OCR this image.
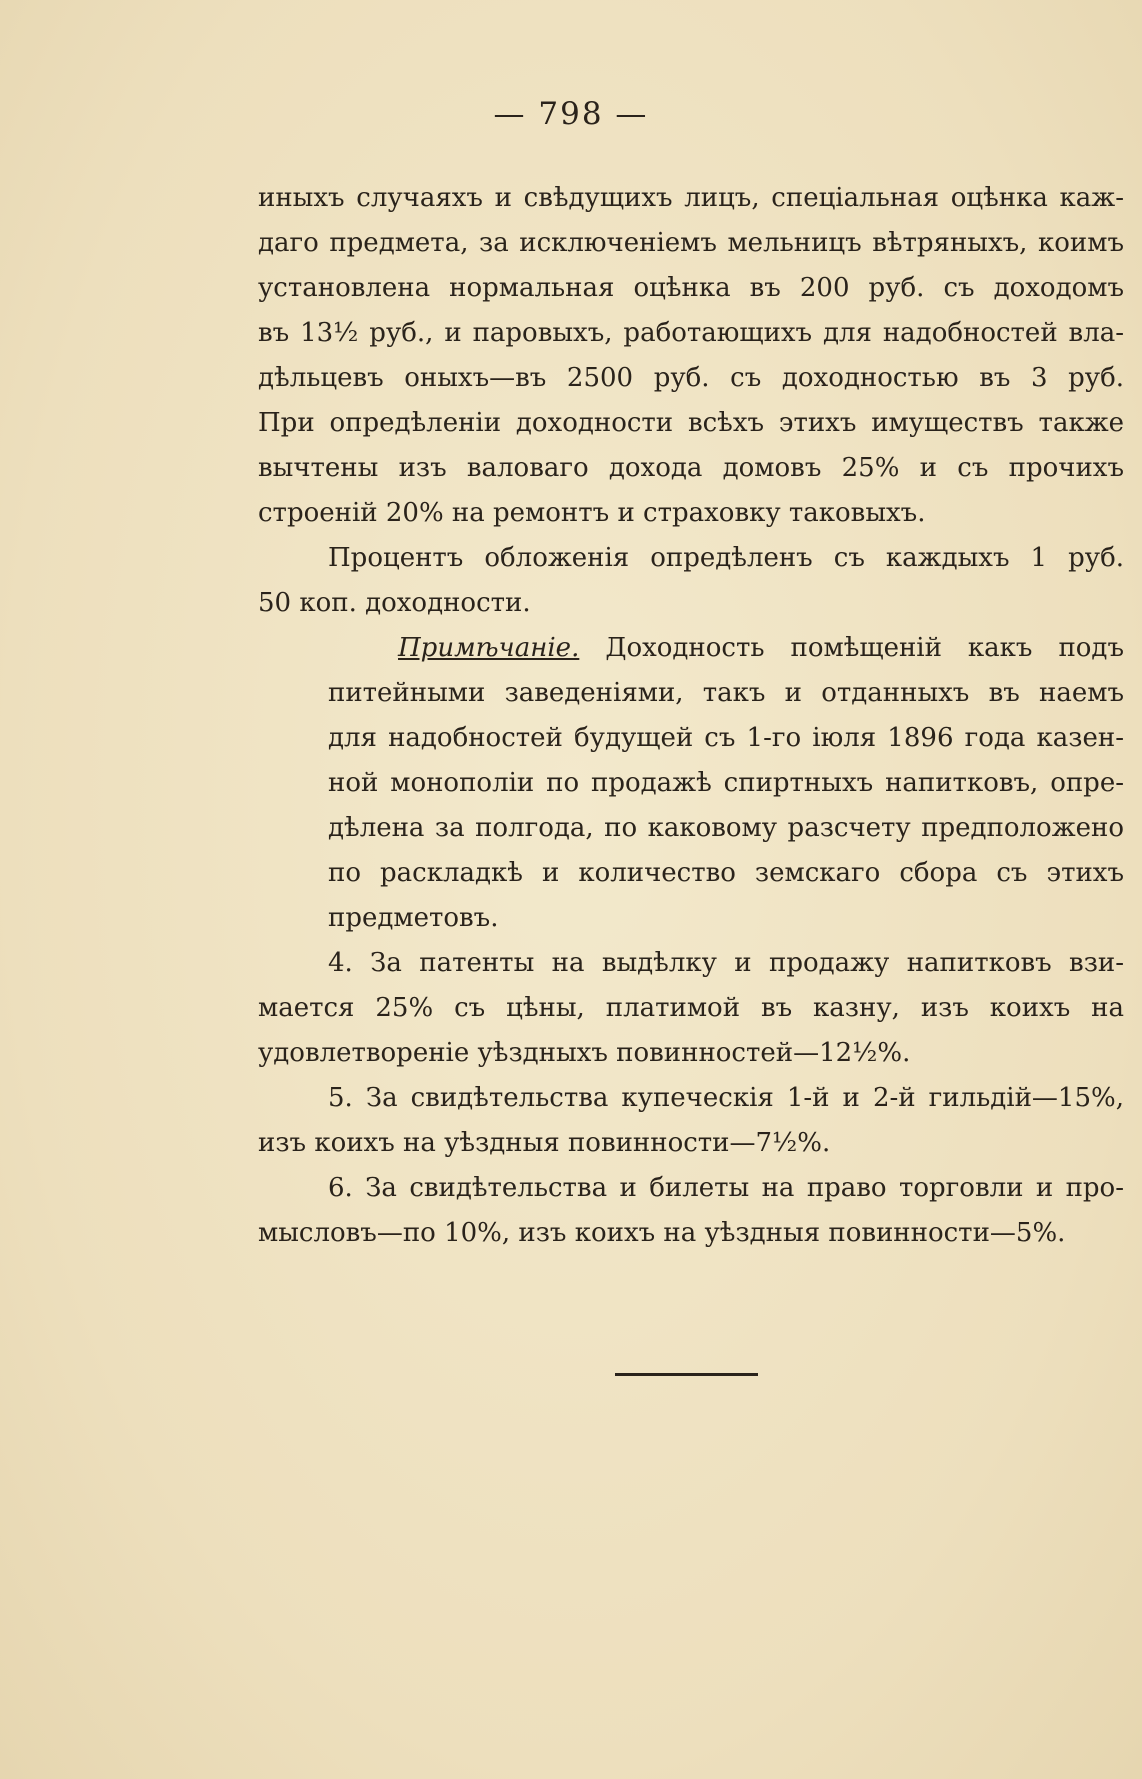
— 798 —
иныхъ случаяхъ и свѣдущихъ лицъ, спеціальная оцѣнка каж-
даго предмета, за исключеніемъ мельницъ вѣтряныхъ, коимъ
установлена нормальная оцѣнка въ 200 руб. съ доходомъ
въ 13½ руб., и паровыхъ, работающихъ для надобностей вла-
дѣльцевъ оныхъ—въ 2500 руб. съ доходностью въ 3 руб.
При опредѣленіи доходности всѣхъ этихъ имуществъ также
вычтены изъ валоваго дохода домовъ 25% и съ прочихъ
строеній 20% на ремонтъ и страховку таковыхъ.
Процентъ обложенія опредѣленъ съ каждыхъ 1 руб.
50 коп. доходности.
Примѣчаніе. Доходность помѣщеній какъ подъ
питейными заведеніями, такъ и отданныхъ въ наемъ
для надобностей будущей съ 1-го іюля 1896 года казен-
ной монополіи по продажѣ спиртныхъ напитковъ, опре-
дѣлена за полгода, по каковому разсчету предположено
по раскладкѣ и количество земскаго сбора съ этихъ
предметовъ.
4. За патенты на выдѣлку и продажу напитковъ взи-
мается 25% съ цѣны, платимой въ казну, изъ коихъ на
удовлетвореніе уѣздныхъ повинностей—12½%.
5. За свидѣтельства купеческія 1-й и 2-й гильдій—15%,
изъ коихъ на уѣздныя повинности—7½%.
6. За свидѣтельства и билеты на право торговли и про-
мысловъ—по 10%, изъ коихъ на уѣздныя повинности—5%.
